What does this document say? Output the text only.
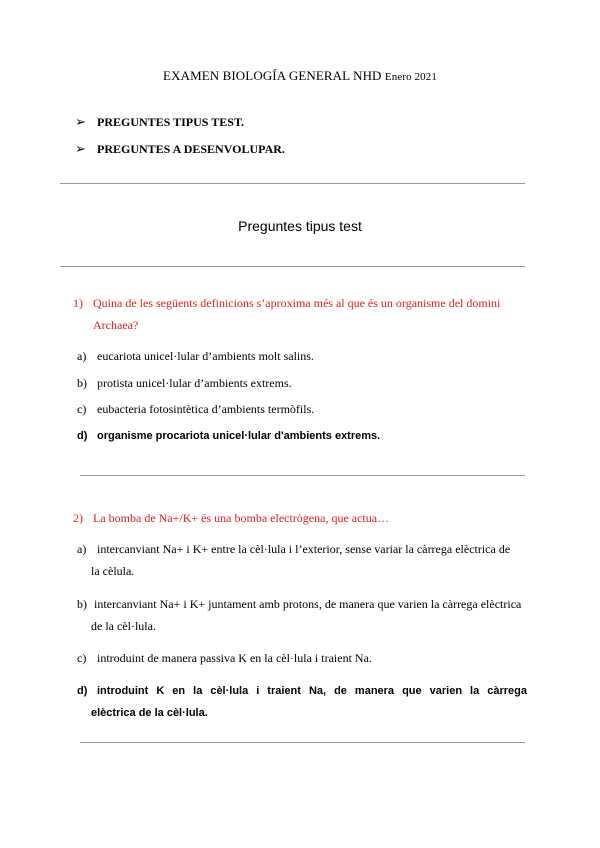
EXAMEN BIOLOGÍA GENERAL NHD Enero 2021
➢ PREGUNTES TIPUS TEST.
➢ PREGUNTES A DESENVOLUPAR.
Preguntes tipus test
1) Quina de les següents definicions s’aproxima més al que és un organisme del domini
Archaea?
a) eucariota unicel·lular d’ambients molt salins.
b) protista unicel·lular d’ambients extrems.
c) eubacteria fotosintètica d’ambients termòfils.
d) organisme procariota unicel·lular d'ambients extrems.
2) La bomba de Na+/K+ és una bomba electrògena, que actua…
a) intercanviant Na+ i K+ entre la cèl·lula i l’exterior, sense variar la càrrega elèctrica de
la cèlula.
b) intercanviant Na+ i K+ juntament amb protons, de manera que varien la càrrega elèctrica
de la cèl·lula.
c) introduint de manera passiva K en la cèl·lula i traient Na.
d) introduint K en la cèl·lula i traient Na, de manera que varien la càrrega
elèctrica de la cèl·lula.
